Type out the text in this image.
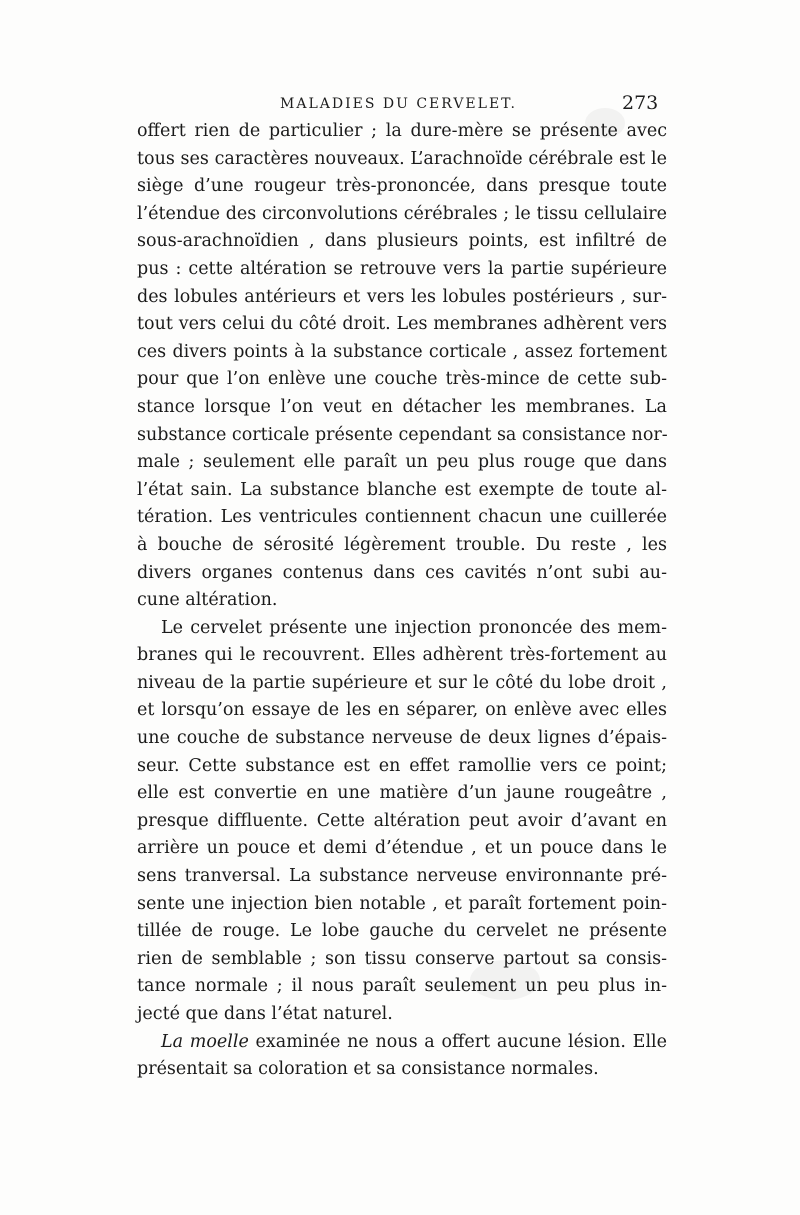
MALADIES DU CERVELET.	273
offert rien de particulier ; la dure-mère se présente avec
tous ses caractères nouveaux. L’arachnoïde cérébrale est le
siège d’une rougeur très-prononcée, dans presque toute
l’étendue des circonvolutions cérébrales ; le tissu cellulaire
sous-arachnoïdien , dans plusieurs points, est infiltré de
pus : cette altération se retrouve vers la partie supérieure
des lobules antérieurs et vers les lobules postérieurs , sur-
tout vers celui du côté droit. Les membranes adhèrent vers
ces divers points à la substance corticale , assez fortement
pour que l’on enlève une couche très-mince de cette sub-
stance lorsque l’on veut en détacher les membranes. La
substance corticale présente cependant sa consistance nor-
male ; seulement elle paraît un peu plus rouge que dans
l’état sain. La substance blanche est exempte de toute al-
tération. Les ventricules contiennent chacun une cuillerée
à bouche de sérosité légèrement trouble. Du reste , les
divers organes contenus dans ces cavités n’ont subi au-
cune altération.
Le cervelet présente une injection prononcée des mem-
branes qui le recouvrent. Elles adhèrent très-fortement au
niveau de la partie supérieure et sur le côté du lobe droit ,
et lorsqu’on essaye de les en séparer, on enlève avec elles
une couche de substance nerveuse de deux lignes d’épais-
seur. Cette substance est en effet ramollie vers ce point;
elle est convertie en une matière d’un jaune rougeâtre ,
presque diffluente. Cette altération peut avoir d’avant en
arrière un pouce et demi d’étendue , et un pouce dans le
sens tranversal. La substance nerveuse environnante pré-
sente une injection bien notable , et paraît fortement poin-
tillée de rouge. Le lobe gauche du cervelet ne présente
rien de semblable ; son tissu conserve partout sa consis-
tance normale ; il nous paraît seulement un peu plus in-
jecté que dans l’état naturel.
La moelle examinée ne nous a offert aucune lésion. Elle
présentait sa coloration et sa consistance normales.
